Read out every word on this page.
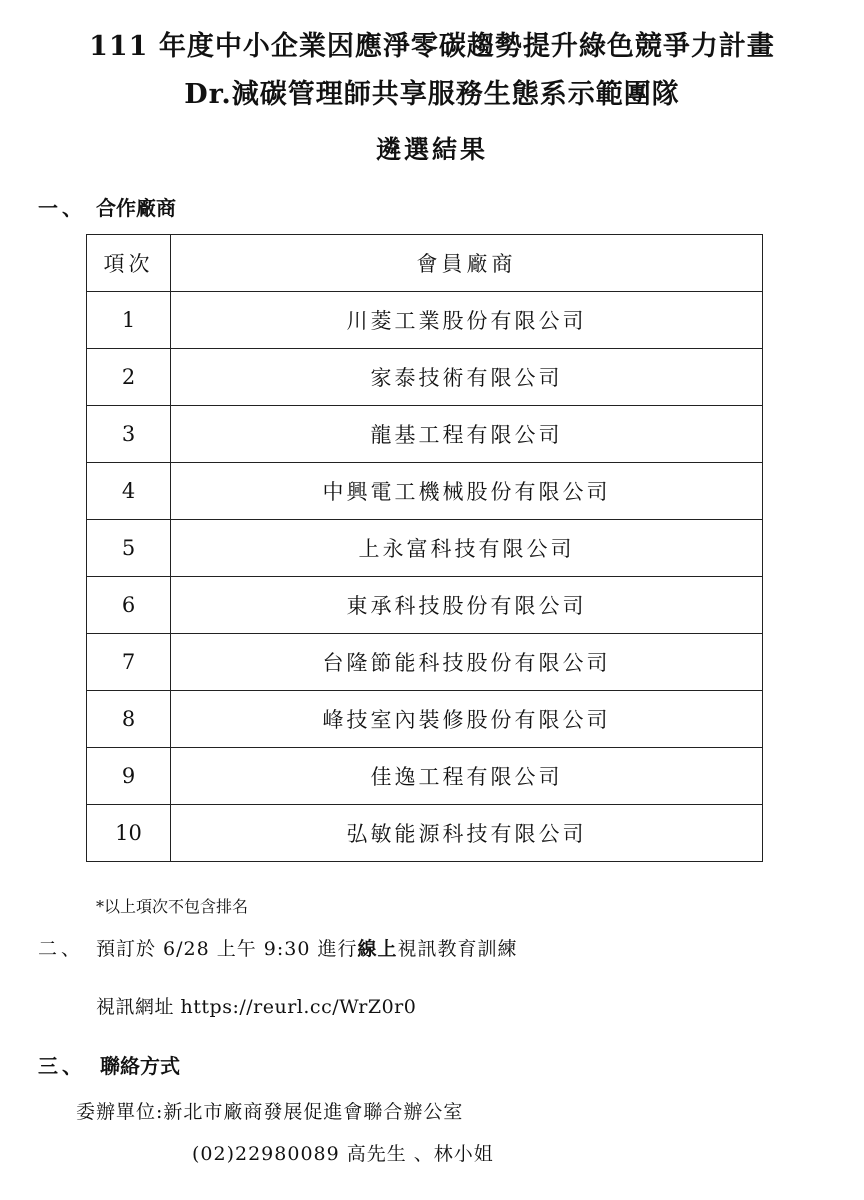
111 年度中小企業因應淨零碳趨勢提升綠色競爭力計畫
Dr.減碳管理師共享服務生態系示範團隊
遴選結果
一、 合作廠商
項次	會員廠商
1	川菱工業股份有限公司
2	家泰技術有限公司
3	龍基工程有限公司
4	中興電工機械股份有限公司
5	上永富科技有限公司
6	東承科技股份有限公司
7	台隆節能科技股份有限公司
8	峰技室內裝修股份有限公司
9	佳逸工程有限公司
10	弘敏能源科技有限公司
*以上項次不包含排名
二、 預訂於 6/28 上午 9:30 進行線上視訊教育訓練
視訊網址 https://reurl.cc/WrZ0r0
三、 聯絡方式
委辦單位:新北市廠商發展促進會聯合辦公室
(02)22980089 高先生 、林小姐
